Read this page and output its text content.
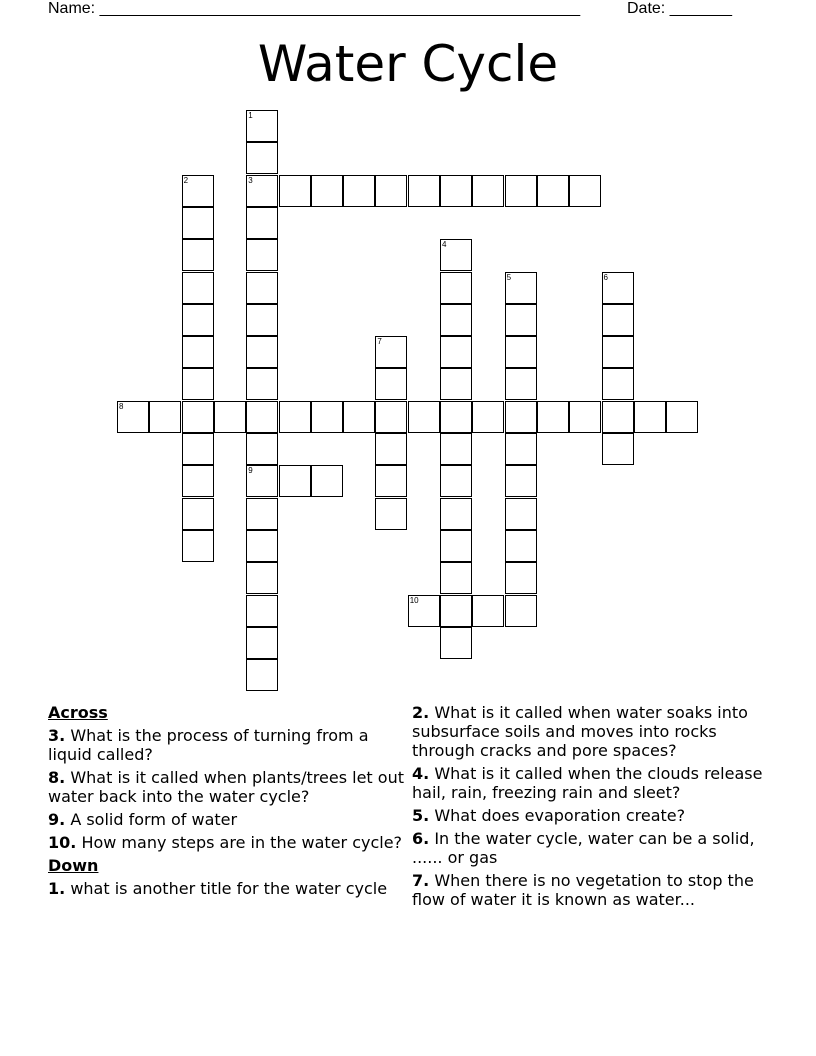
Name: ______________________________________________________	Date: _______
Water Cycle
1
3
9
2
4
5	6
7
8
10
Across
3. What is the process of turning from a liquid called?
8. What is it called when plants/trees let out water back into the water cycle?
9. A solid form of water
10. How many steps are in the water cycle?
Down
1. what is another title for the water cycle
2. What is it called when water soaks into subsurface soils and moves into rocks through cracks and pore spaces?
4. What is it called when the clouds release hail, rain, freezing rain and sleet?
5. What does evaporation create?
6. In the water cycle, water can be a solid, ...... or gas
7. When there is no vegetation to stop the flow of water it is known as water...
